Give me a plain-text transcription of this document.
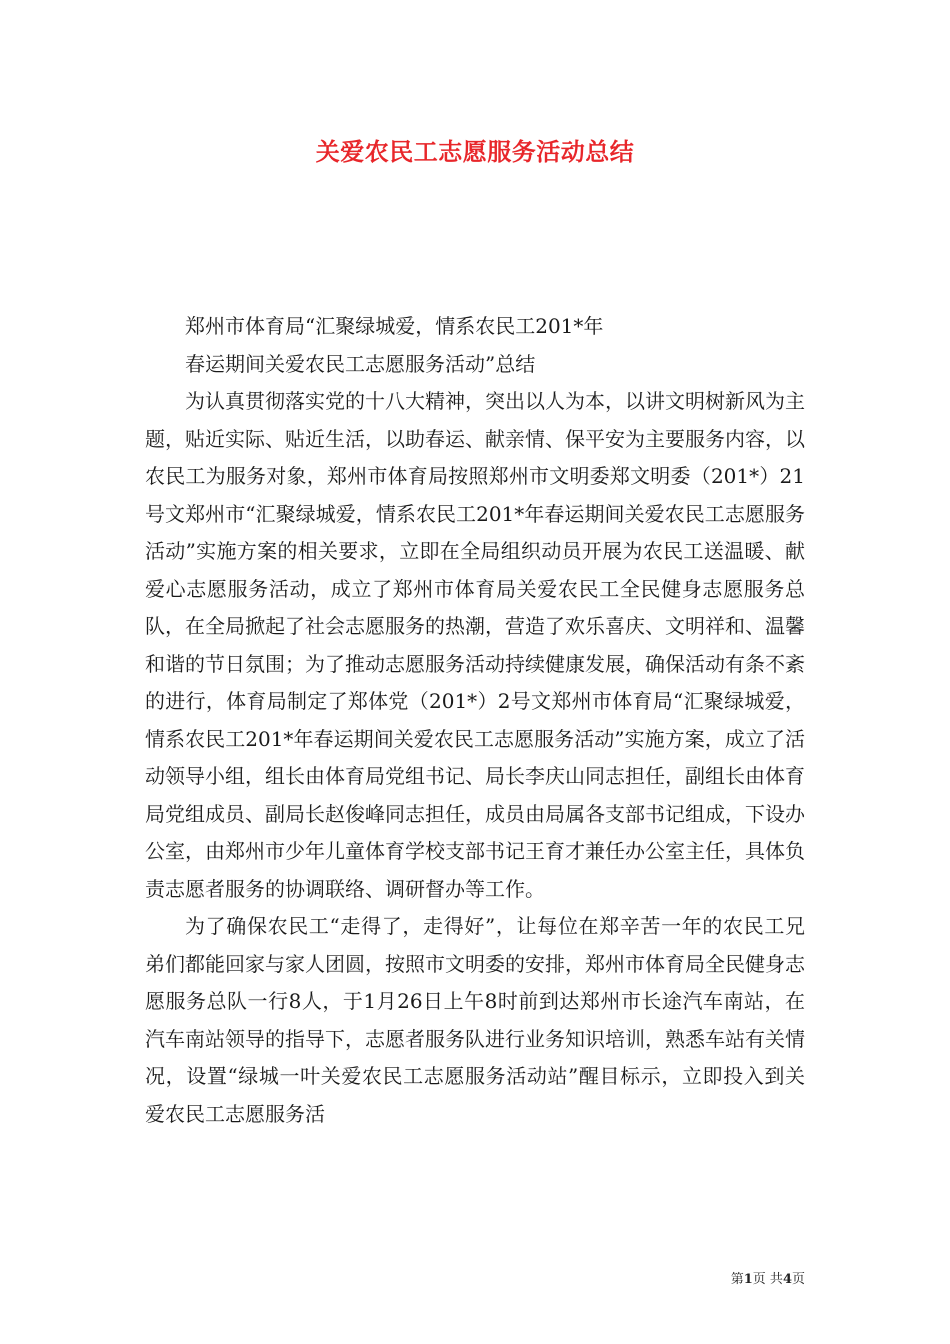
关爱农民工志愿服务活动总结

郑州市体育局“汇聚绿城爱，情系农民工201*年

春运期间关爱农民工志愿服务活动”总结

为认真贯彻落实党的十八大精神，突出以人为本，以讲文明树新风为主题，贴近实际、贴近生活，以助春运、献亲情、保平安为主要服务内容，以农民工为服务对象，郑州市体育局按照郑州市文明委郑文明委（201*）21号文郑州市“汇聚绿城爱，情系农民工201*年春运期间关爱农民工志愿服务活动”实施方案的相关要求，立即在全局组织动员开展为农民工送温暖、献爱心志愿服务活动，成立了郑州市体育局关爱农民工全民健身志愿服务总队，在全局掀起了社会志愿服务的热潮，营造了欢乐喜庆、文明祥和、温馨和谐的节日氛围；为了推动志愿服务活动持续健康发展，确保活动有条不紊的进行，体育局制定了郑体党（201*）2号文郑州市体育局“汇聚绿城爱，情系农民工201*年春运期间关爱农民工志愿服务活动”实施方案，成立了活动领导小组，组长由体育局党组书记、局长李庆山同志担任，副组长由体育局党组成员、副局长赵俊峰同志担任，成员由局属各支部书记组成，下设办公室，由郑州市少年儿童体育学校支部书记王育才兼任办公室主任，具体负责志愿者服务的协调联络、调研督办等工作。

为了确保农民工“走得了，走得好”，让每位在郑辛苦一年的农民工兄弟们都能回家与家人团圆，按照市文明委的安排，郑州市体育局全民健身志愿服务总队一行8人，于1月26日上午8时前到达郑州市长途汽车南站，在汽车南站领导的指导下，志愿者服务队进行业务知识培训，熟悉车站有关情况，设置“绿城一叶关爱农民工志愿服务活动站”醒目标示，立即投入到关爱农民工志愿服务活

第1页 共4页
